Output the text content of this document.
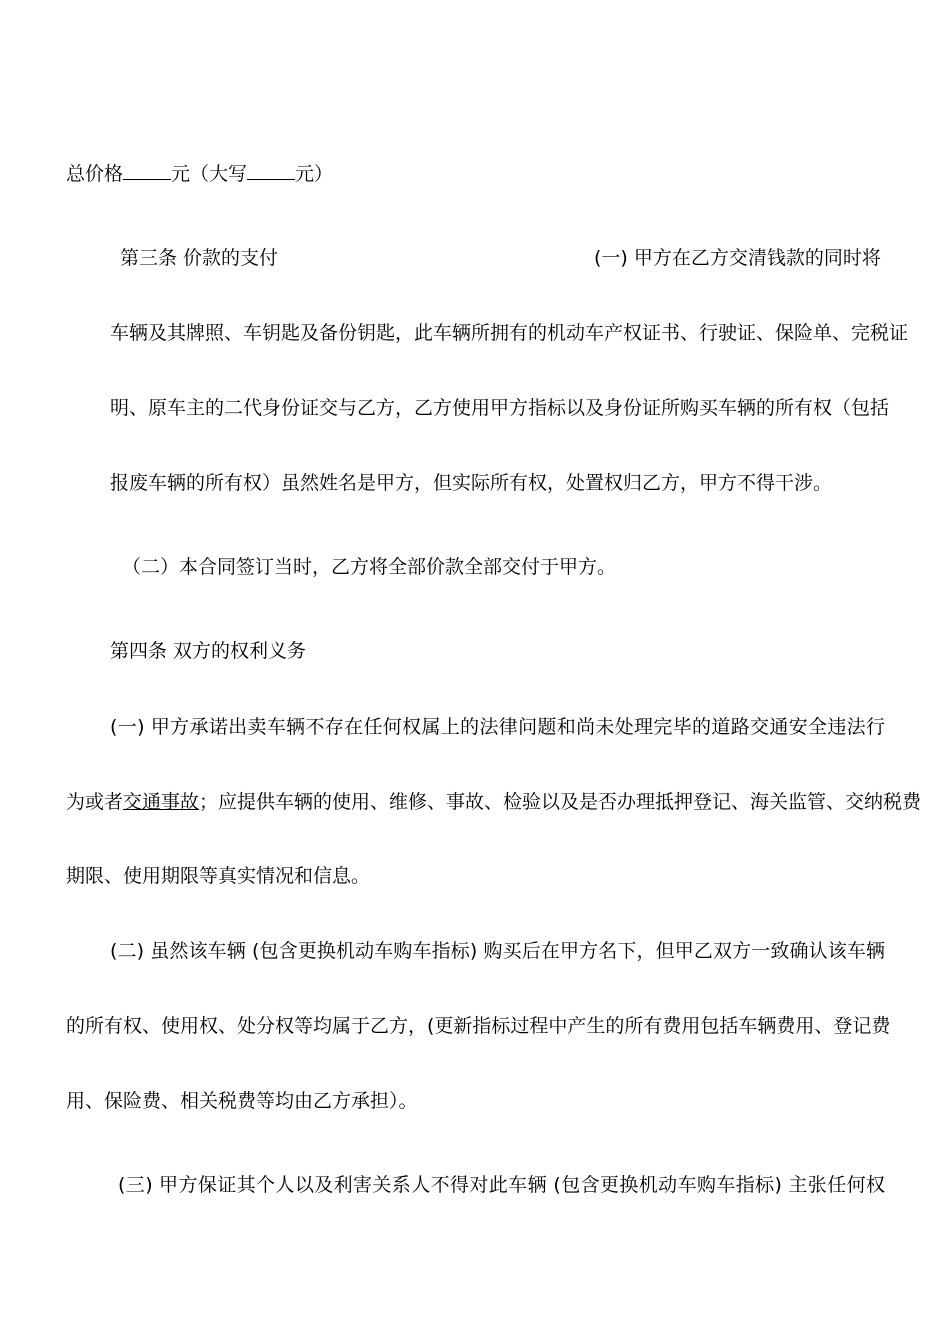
总价格	元（大写	元）
第三条 价款的支付	(一) 甲方在乙方交清钱款的同时将
车辆及其牌照、车钥匙及备份钥匙，此车辆所拥有的机动车产权证书、行驶证、保险单、完税证
明、原车主的二代身份证交与乙方，乙方使用甲方指标以及身份证所购买车辆的所有权（包括
报废车辆的所有权）虽然姓名是甲方，但实际所有权，处置权归乙方，甲方不得干涉。
（二）本合同签订当时，乙方将全部价款全部交付于甲方。
第四条 双方的权利义务
(一) 甲方承诺出卖车辆不存在任何权属上的法律问题和尚未处理完毕的道路交通安全违法行
为或者交通事故；应提供车辆的使用、维修、事故、检验以及是否办理抵押登记、海关监管、交纳税费
期限、使用期限等真实情况和信息。
(二) 虽然该车辆 (包含更换机动车购车指标) 购买后在甲方名下，但甲乙双方一致确认该车辆
的所有权、使用权、处分权等均属于乙方，(更新指标过程中产生的所有费用包括车辆费用、登记费
用、保险费、相关税费等均由乙方承担）。
(三) 甲方保证其个人以及利害关系人不得对此车辆 (包含更换机动车购车指标) 主张任何权
